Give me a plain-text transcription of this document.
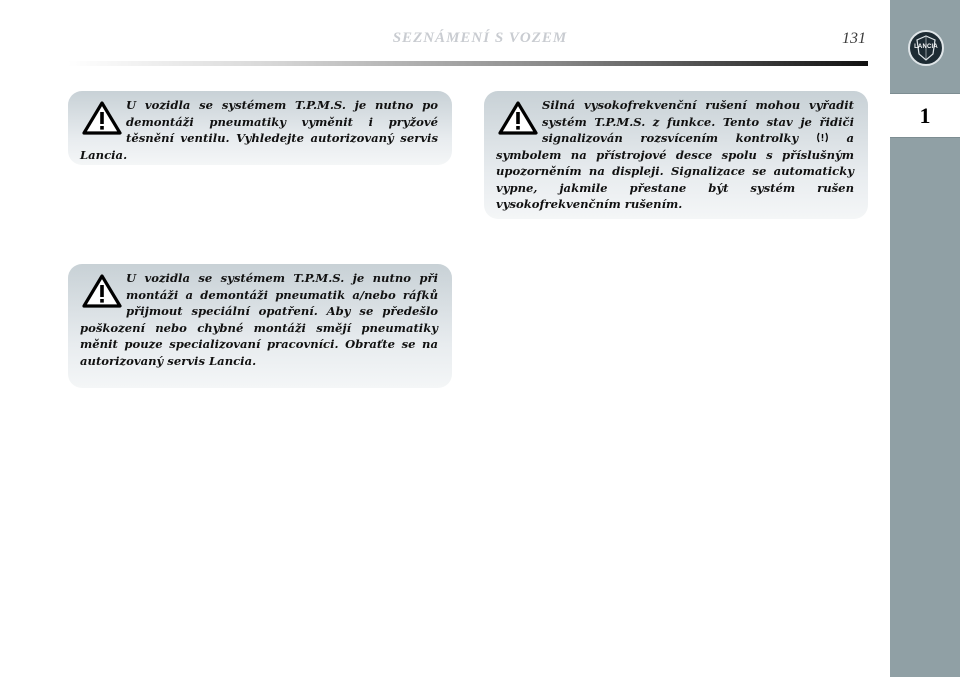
SEZNÁMENÍ S VOZEM	131	LANCIA
1

U vozidla se systémem T.P.M.S. je nutno po demontáži pneumatiky vyměnit i pryžové těsnění ventilu. Vyhledejte autorizovaný servis Lancia.

U vozidla se systémem T.P.M.S. je nutno při montáži a demontáži pneumatik a/nebo ráfků přijmout speciální opatření. Aby se předešlo poškození nebo chybné montáži smějí pneumatiky měnit pouze specializovaní pracovníci. Obraťte se na autorizovaný servis Lancia.

Silná vysokofrekvenční rušení mohou vyřadit systém T.P.M.S. z funkce. Tento stav je řidiči signalizován rozsvícením kontrolky	a symbolem na přístrojové desce spolu s příslušným upozorněním na displeji. Signalizace se automaticky vypne, jakmile přestane být systém rušen vysokofrekvenčním rušením.
